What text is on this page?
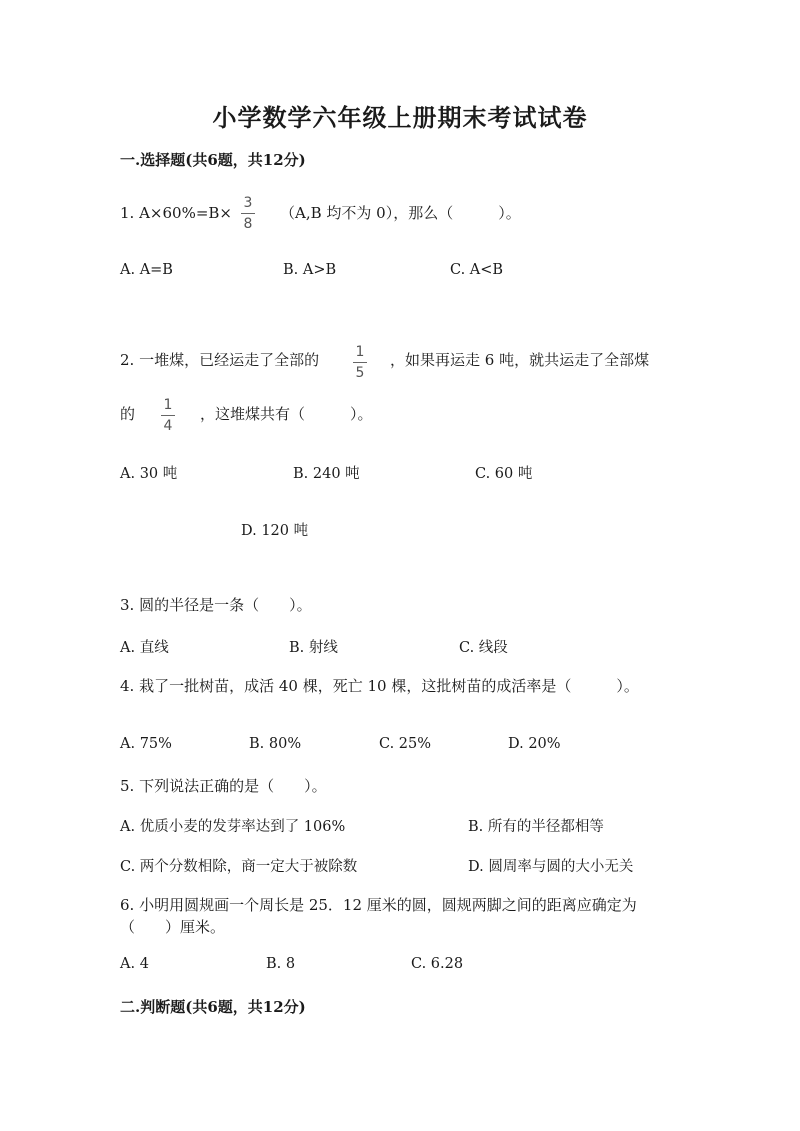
小学数学六年级上册期末考试试卷
一.选择题(共6题，共12分)
1. A×60%=B×
3
8
（A,B 均不为 0），那么（　　　）。
A. A=B	B. A>B	C. A<B
2. 一堆煤，已经运走了全部的	1
5
，如果再运走 6 吨，就共运走了全部煤
的	1
4
，这堆煤共有（　　　）。
A. 30 吨	B. 240 吨	C. 60 吨
D. 120 吨
3. 圆的半径是一条（　　）。
A. 直线	B. 射线	C. 线段
4. 栽了一批树苗，成活 40 棵，死亡 10 棵，这批树苗的成活率是（　　　）。
A. 75%	B. 80%	C. 25%	D. 20%
5. 下列说法正确的是（　　）。
A. 优质小麦的发芽率达到了 106%	B. 所有的半径都相等
C. 两个分数相除，商一定大于被除数	D. 圆周率与圆的大小无关
6. 小明用圆规画一个周长是 25．12 厘米的圆，圆规两脚之间的距离应确定为
（　　）厘米。
A. 4	B. 8	C. 6.28
二.判断题(共6题，共12分)
